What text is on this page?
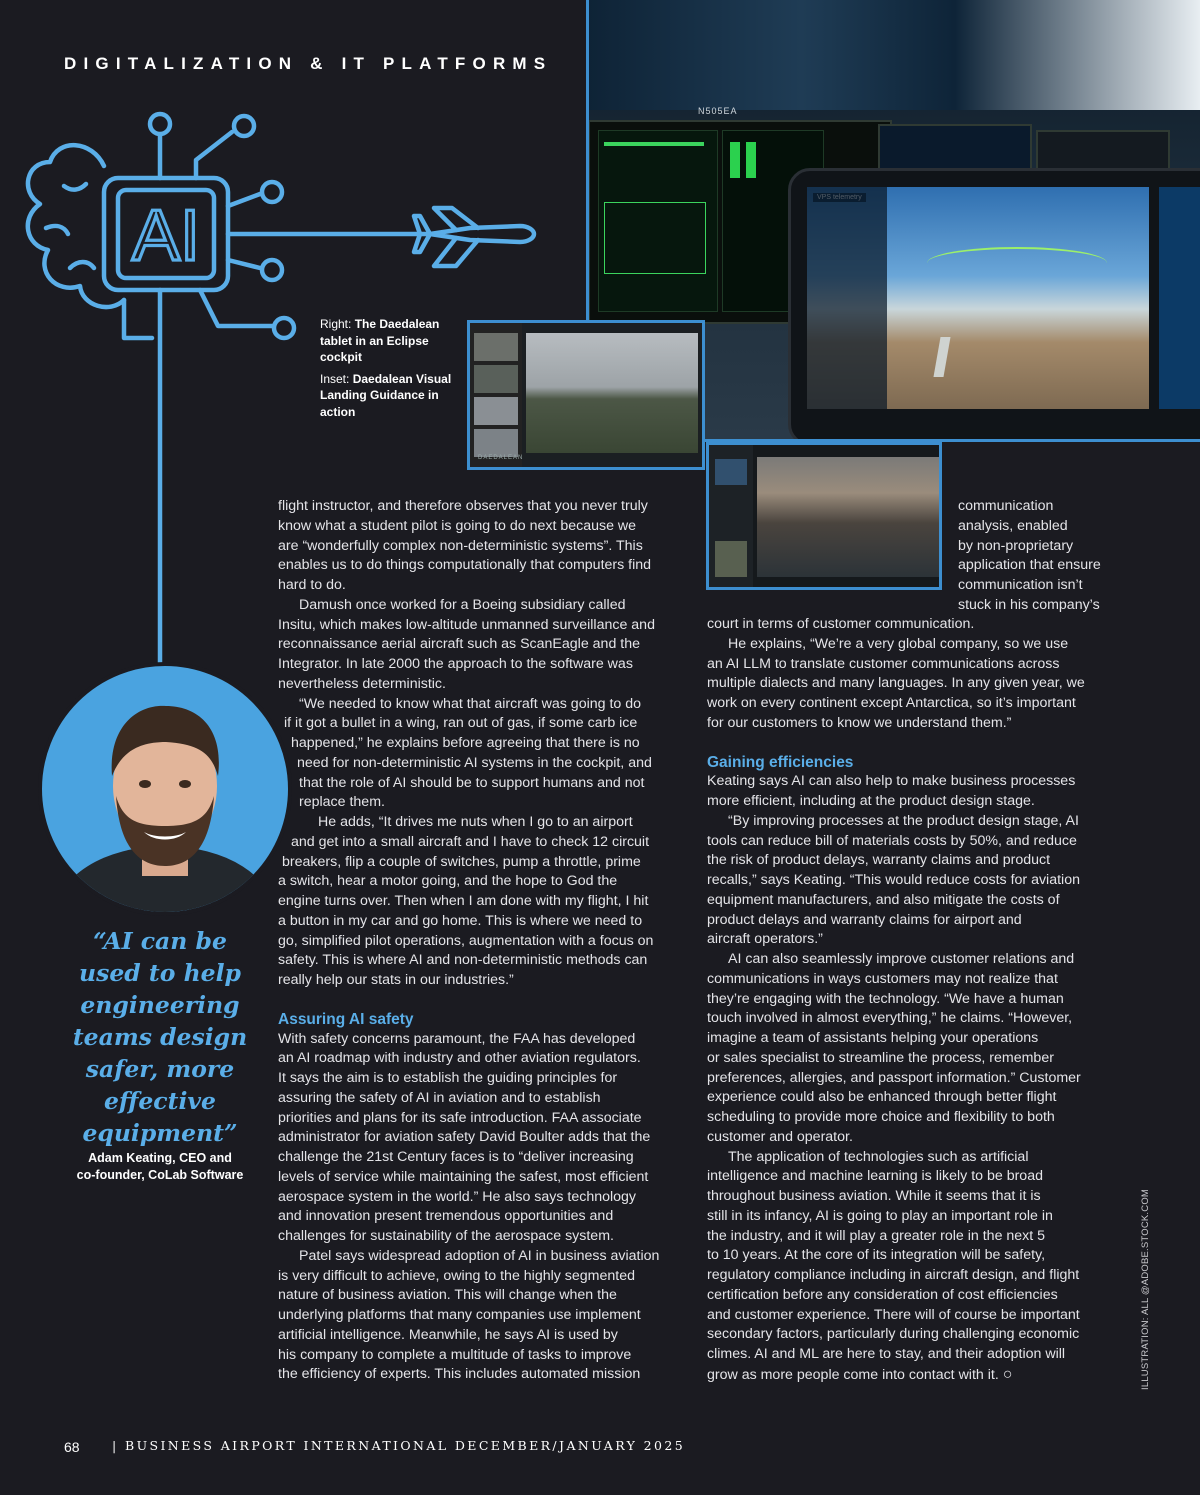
DIGITALIZATION & IT PLATFORMS
AI
N505EA
DAEDALEAN

Right: The Daedalean tablet in an Eclipse cockpit

Inset: Daedalean Visual Landing Guidance in action

“AI can be used to help engineering teams design safer, more effective equipment”
Adam Keating, CEO and
co-founder, CoLab Software
flight instructor, and therefore observes that you never truly
know what a student pilot is going to do next because we
are “wonderfully complex non-deterministic systems”. This
enables us to do things computationally that computers find
hard to do.
Damush once worked for a Boeing subsidiary called
Insitu, which makes low-altitude unmanned surveillance and
reconnaissance aerial aircraft such as ScanEagle and the
Integrator. In late 2000 the approach to the software was
nevertheless deterministic.
“We needed to know what that aircraft was going to do
if it got a bullet in a wing, ran out of gas, if some carb ice
happened,” he explains before agreeing that there is no
need for non-deterministic AI systems in the cockpit, and
that the role of AI should be to support humans and not
replace them.
He adds, “It drives me nuts when I go to an airport
and get into a small aircraft and I have to check 12 circuit
breakers, flip a couple of switches, pump a throttle, prime
a switch, hear a motor going, and the hope to God the
engine turns over. Then when I am done with my flight, I hit
a button in my car and go home. This is where we need to
go, simplified pilot operations, augmentation with a focus on
safety. This is where AI and non-deterministic methods can
really help our stats in our industries.”
Assuring AI safety
With safety concerns paramount, the FAA has developed
an AI roadmap with industry and other aviation regulators.
It says the aim is to establish the guiding principles for
assuring the safety of AI in aviation and to establish
priorities and plans for its safe introduction. FAA associate
administrator for aviation safety David Boulter adds that the
challenge the 21st Century faces is to “deliver increasing
levels of service while maintaining the safest, most efficient
aerospace system in the world.” He also says technology
and innovation present tremendous opportunities and
challenges for sustainability of the aerospace system.
Patel says widespread adoption of AI in business aviation
is very difficult to achieve, owing to the highly segmented
nature of business aviation. This will change when the
underlying platforms that many companies use implement
artificial intelligence. Meanwhile, he says AI is used by
his company to complete a multitude of tasks to improve
the efficiency of experts. This includes automated mission
communication
analysis, enabled
by non-proprietary
application that ensure
communication isn’t
stuck in his company’s
court in terms of customer communication.
He explains, “We’re a very global company, so we use
an AI LLM to translate customer communications across
multiple dialects and many languages. In any given year, we
work on every continent except Antarctica, so it’s important
for our customers to know we understand them.”
Gaining efficiencies
Keating says AI can also help to make business processes
more efficient, including at the product design stage.
“By improving processes at the product design stage, AI
tools can reduce bill of materials costs by 50%, and reduce
the risk of product delays, warranty claims and product
recalls,” says Keating. “This would reduce costs for aviation
equipment manufacturers, and also mitigate the costs of
product delays and warranty claims for airport and
aircraft operators.”
AI can also seamlessly improve customer relations and
communications in ways customers may not realize that
they’re engaging with the technology. “We have a human
touch involved in almost everything,” he claims. “However,
imagine a team of assistants helping your operations
or sales specialist to streamline the process, remember
preferences, allergies, and passport information.” Customer
experience could also be enhanced through better flight
scheduling to provide more choice and flexibility to both
customer and operator.
The application of technologies such as artificial
intelligence and machine learning is likely to be broad
throughout business aviation. While it seems that it is
still in its infancy, AI is going to play an important role in
the industry, and it will play a greater role in the next 5
to 10 years. At the core of its integration will be safety,
regulatory compliance including in aircraft design, and flight
certification before any consideration of cost efficiencies
and customer experience. There will of course be important
secondary factors, particularly during challenging economic
climes. AI and ML are here to stay, and their adoption will
grow as more people come into contact with it. ○	ILLUSTRATION: ALL @ADOBE.STOCK.COM
68	| BUSINESS AIRPORT INTERNATIONAL DECEMBER/JANUARY 2025
